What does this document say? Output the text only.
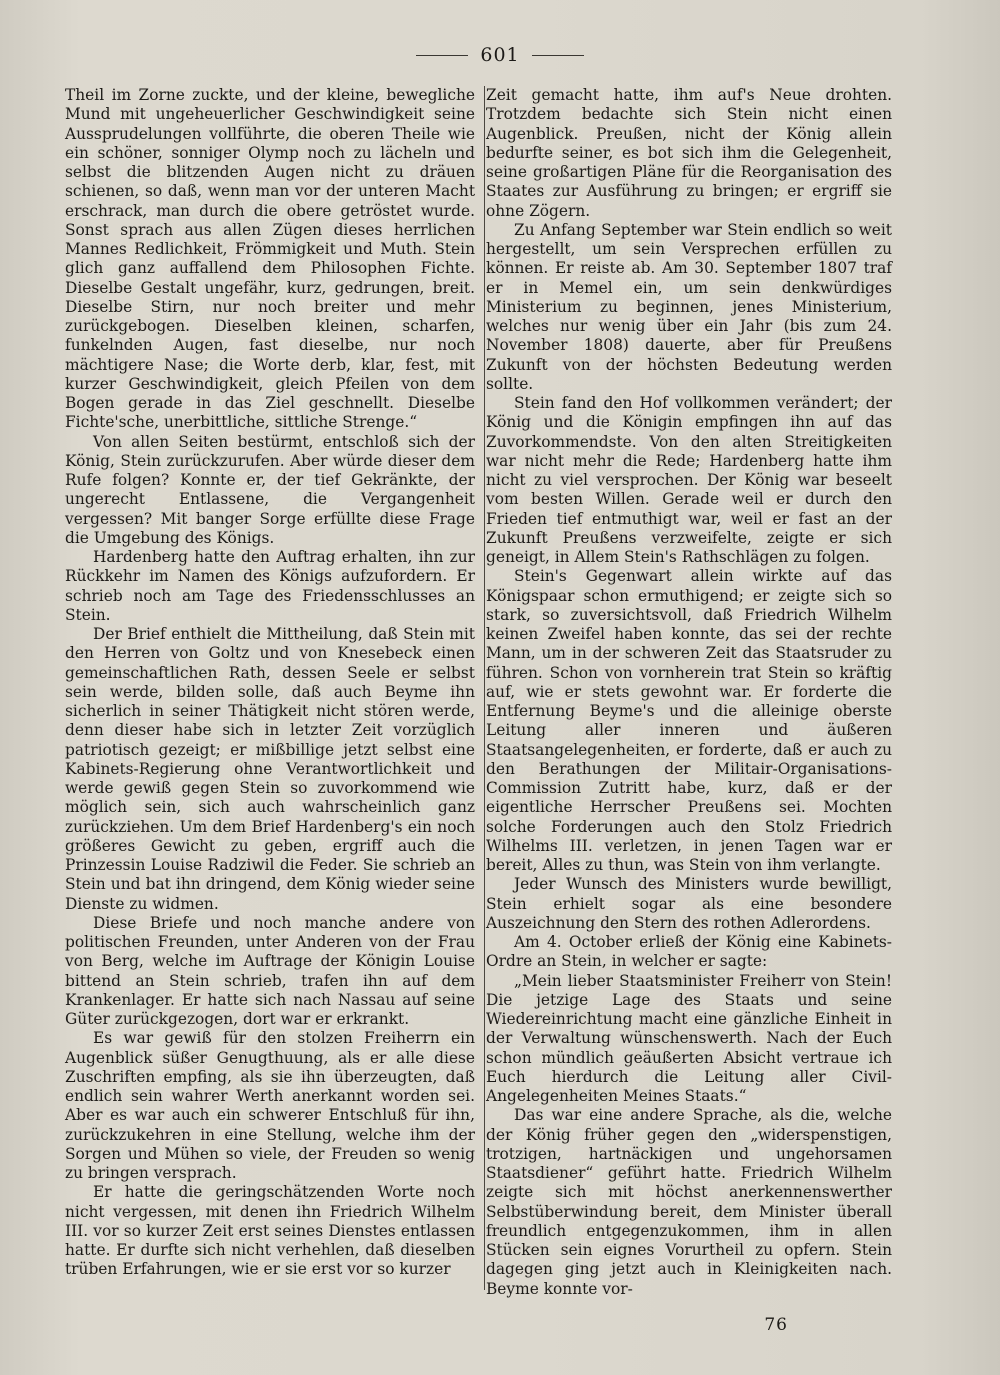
601

Theil im Zorne zuckte, und der kleine, bewegliche Mund mit ungeheuerlicher Geschwindigkeit seine Aussprudelungen vollführte, die oberen Theile wie ein schöner, sonniger Olymp noch zu lächeln und selbst die blitzenden Augen nicht zu dräuen schienen, so daß, wenn man vor der unteren Macht erschrack, man durch die obere getröstet wurde. Sonst sprach aus allen Zügen dieses herrlichen Mannes Redlichkeit, Frömmigkeit und Muth. Stein glich ganz auffallend dem Philosophen Fichte. Dieselbe Gestalt ungefähr, kurz, gedrungen, breit. Dieselbe Stirn, nur noch breiter und mehr zurückgebogen. Dieselben kleinen, scharfen, funkelnden Augen, fast dieselbe, nur noch mächtigere Nase; die Worte derb, klar, fest, mit kurzer Geschwindigkeit, gleich Pfeilen von dem Bogen gerade in das Ziel geschnellt. Dieselbe Fichte'sche, unerbittliche, sittliche Strenge.“

Von allen Seiten bestürmt, entschloß sich der König, Stein zurückzurufen. Aber würde dieser dem Rufe folgen? Konnte er, der tief Gekränkte, der ungerecht Entlassene, die Vergangenheit vergessen? Mit banger Sorge erfüllte diese Frage die Umgebung des Königs.

Hardenberg hatte den Auftrag erhalten, ihn zur Rückkehr im Namen des Königs aufzufordern. Er schrieb noch am Tage des Friedensschlusses an Stein.

Der Brief enthielt die Mittheilung, daß Stein mit den Herren von Goltz und von Knesebeck einen gemeinschaftlichen Rath, dessen Seele er selbst sein werde, bilden solle, daß auch Beyme ihn sicherlich in seiner Thätigkeit nicht stören werde, denn dieser habe sich in letzter Zeit vorzüglich patriotisch gezeigt; er mißbillige jetzt selbst eine Kabinets-Regierung ohne Verantwortlichkeit und werde gewiß gegen Stein so zuvorkommend wie möglich sein, sich auch wahrscheinlich ganz zurückziehen. Um dem Brief Hardenberg's ein noch größeres Gewicht zu geben, ergriff auch die Prinzessin Louise Radziwil die Feder. Sie schrieb an Stein und bat ihn dringend, dem König wieder seine Dienste zu widmen.

Diese Briefe und noch manche andere von politischen Freunden, unter Anderen von der Frau von Berg, welche im Auftrage der Königin Louise bittend an Stein schrieb, trafen ihn auf dem Krankenlager. Er hatte sich nach Nassau auf seine Güter zurückgezogen, dort war er erkrankt.

Es war gewiß für den stolzen Freiherrn ein Augenblick süßer Genugthuung, als er alle diese Zuschriften empfing, als sie ihn überzeugten, daß endlich sein wahrer Werth anerkannt worden sei. Aber es war auch ein schwerer Entschluß für ihn, zurückzukehren in eine Stellung, welche ihm der Sorgen und Mühen so viele, der Freuden so wenig zu bringen versprach.

Er hatte die geringschätzenden Worte noch nicht vergessen, mit denen ihn Friedrich Wilhelm III. vor so kurzer Zeit erst seines Dienstes entlassen hatte. Er durfte sich nicht verhehlen, daß dieselben trüben Erfahrungen, wie er sie erst vor so kurzer

Zeit gemacht hatte, ihm auf's Neue drohten. Trotzdem bedachte sich Stein nicht einen Augenblick. Preußen, nicht der König allein bedurfte seiner, es bot sich ihm die Gelegenheit, seine großartigen Pläne für die Reorganisation des Staates zur Ausführung zu bringen; er ergriff sie ohne Zögern.

Zu Anfang September war Stein endlich so weit hergestellt, um sein Versprechen erfüllen zu können. Er reiste ab. Am 30. September 1807 traf er in Memel ein, um sein denkwürdiges Ministerium zu beginnen, jenes Ministerium, welches nur wenig über ein Jahr (bis zum 24. November 1808) dauerte, aber für Preußens Zukunft von der höchsten Bedeutung werden sollte.

Stein fand den Hof vollkommen verändert; der König und die Königin empfingen ihn auf das Zuvorkommendste. Von den alten Streitigkeiten war nicht mehr die Rede; Hardenberg hatte ihm nicht zu viel versprochen. Der König war beseelt vom besten Willen. Gerade weil er durch den Frieden tief entmuthigt war, weil er fast an der Zukunft Preußens verzweifelte, zeigte er sich geneigt, in Allem Stein's Rathschlägen zu folgen.

Stein's Gegenwart allein wirkte auf das Königspaar schon ermuthigend; er zeigte sich so stark, so zuversichtsvoll, daß Friedrich Wilhelm keinen Zweifel haben konnte, das sei der rechte Mann, um in der schweren Zeit das Staatsruder zu führen. Schon von vornherein trat Stein so kräftig auf, wie er stets gewohnt war. Er forderte die Entfernung Beyme's und die alleinige oberste Leitung aller inneren und äußeren Staatsangelegenheiten, er forderte, daß er auch zu den Berathungen der Militair-Organisations-Commission Zutritt habe, kurz, daß er der eigentliche Herrscher Preußens sei. Mochten solche Forderungen auch den Stolz Friedrich Wilhelms III. verletzen, in jenen Tagen war er bereit, Alles zu thun, was Stein von ihm verlangte.

Jeder Wunsch des Ministers wurde bewilligt, Stein erhielt sogar als eine besondere Auszeichnung den Stern des rothen Adlerordens.

Am 4. October erließ der König eine Kabinets-Ordre an Stein, in welcher er sagte:

„Mein lieber Staatsminister Freiherr von Stein! Die jetzige Lage des Staats und seine Wiedereinrichtung macht eine gänzliche Einheit in der Verwaltung wünschenswerth. Nach der Euch schon mündlich geäußerten Absicht vertraue ich Euch hierdurch die Leitung aller Civil-Angelegenheiten Meines Staats.“

Das war eine andere Sprache, als die, welche der König früher gegen den „widerspenstigen, trotzigen, hartnäckigen und ungehorsamen Staatsdiener“ geführt hatte. Friedrich Wilhelm zeigte sich mit höchst anerkennenswerther Selbstüberwindung bereit, dem Minister überall freundlich entgegenzukommen, ihm in allen Stücken sein eignes Vorurtheil zu opfern. Stein dagegen ging jetzt auch in Kleinigkeiten nach. Beyme konnte vor-

76
